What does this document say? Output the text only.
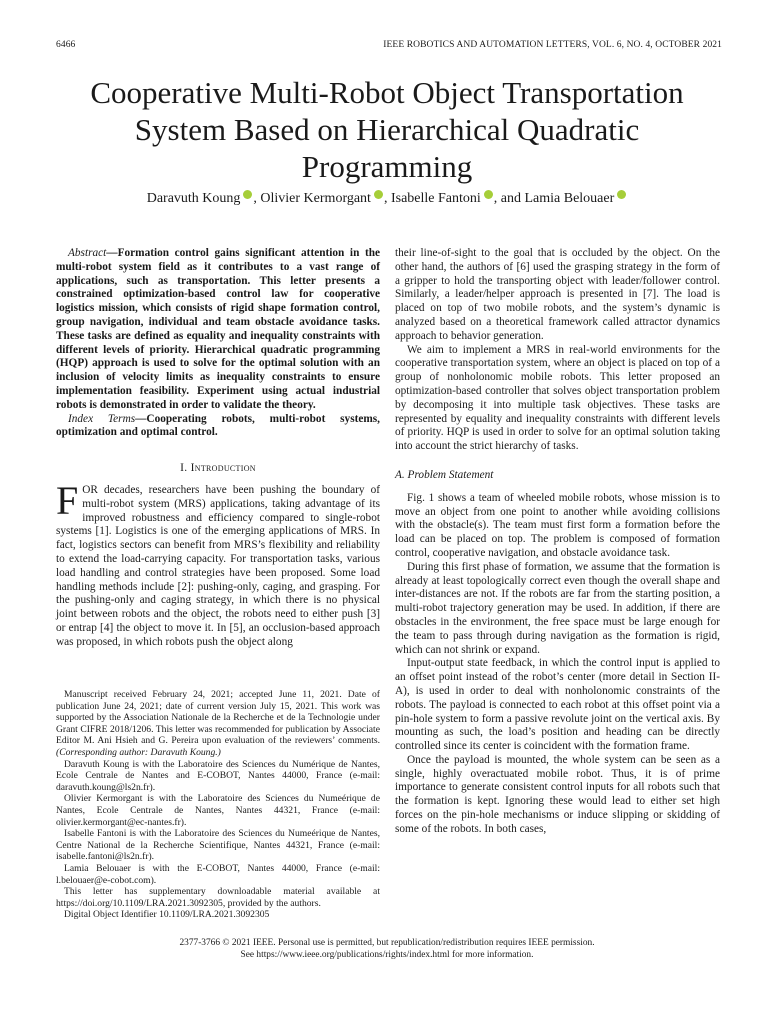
6466	IEEE ROBOTICS AND AUTOMATION LETTERS, VOL. 6, NO. 4, OCTOBER 2021
Cooperative Multi-Robot Object Transportation System Based on Hierarchical Quadratic Programming
Daravuth Koung , Olivier Kermorgant , Isabelle Fantoni , and Lamia Belouaer

Abstract—Formation control gains significant attention in the multi-robot system field as it contributes to a vast range of applications, such as transportation. This letter presents a constrained optimization-based control law for cooperative logistics mission, which consists of rigid shape formation control, group navigation, individual and team obstacle avoidance tasks. These tasks are defined as equality and inequality constraints with different levels of priority. Hierarchical quadratic programming (HQP) approach is used to solve for the optimal solution with an inclusion of velocity limits as inequality constraints to ensure implementation feasibility. Experiment using actual industrial robots is demonstrated in order to validate the theory.

Index Terms—Cooperating robots, multi-robot systems, optimization and optimal control.

I. Introduction

FOR decades, researchers have been pushing the boundary of multi-robot system (MRS) applications, taking advantage of its improved robustness and efficiency compared to single-robot systems [1]. Logistics is one of the emerging applications of MRS. In fact, logistics sectors can benefit from MRS’s flexibility and reliability to extend the load-carrying capacity. For transportation tasks, various load handling and control strategies have been proposed. Some load handling methods include [2]: pushing-only, caging, and grasping. For the pushing-only and caging strategy, in which there is no physical joint between robots and the object, the robots need to either push [3] or entrap [4] the object to move it. In [5], an occlusion-based approach was proposed, in which robots push the object along

Manuscript received February 24, 2021; accepted June 11, 2021. Date of publication June 24, 2021; date of current version July 15, 2021. This work was supported by the Association Nationale de la Recherche et de la Technologie under Grant CIFRE 2018/1206. This letter was recommended for publication by Associate Editor M. Ani Hsieh and G. Pereira upon evaluation of the reviewers’ comments. (Corresponding author: Daravuth Koung.)

Daravuth Koung is with the Laboratoire des Sciences du Numérique de Nantes, Ecole Centrale de Nantes and E-COBOT, Nantes 44000, France (e-mail: daravuth.koung@ls2n.fr).

Olivier Kermorgant is with the Laboratoire des Sciences du Numeérique de Nantes, Ecole Centrale de Nantes, Nantes 44321, France (e-mail: olivier.kermorgant@ec-nantes.fr).

Isabelle Fantoni is with the Laboratoire des Sciences du Numeérique de Nantes, Centre National de la Recherche Scientifique, Nantes 44321, France (e-mail: isabelle.fantoni@ls2n.fr).

Lamia Belouaer is with the E-COBOT, Nantes 44000, France (e-mail: l.belouaer@e-cobot.com).

This letter has supplementary downloadable material available at https://doi.org/10.1109/LRA.2021.3092305, provided by the authors.

Digital Object Identifier 10.1109/LRA.2021.3092305

their line-of-sight to the goal that is occluded by the object. On the other hand, the authors of [6] used the grasping strategy in the form of a gripper to hold the transporting object with leader/follower control. Similarly, a leader/helper approach is presented in [7]. The load is placed on top of two mobile robots, and the system’s dynamic is analyzed based on a theoretical framework called attractor dynamics approach to behavior generation.

We aim to implement a MRS in real-world environments for the cooperative transportation system, where an object is placed on top of a group of nonholonomic mobile robots. This letter proposed an optimization-based controller that solves object transportation problem by decomposing it into multiple task objectives. These tasks are represented by equality and inequality constraints with different levels of priority. HQP is used in order to solve for an optimal solution taking into account the strict hierarchy of tasks.

A. Problem Statement

Fig. 1 shows a team of wheeled mobile robots, whose mission is to move an object from one point to another while avoiding collisions with the obstacle(s). The team must first form a formation before the load can be placed on top. The problem is composed of formation control, cooperative navigation, and obstacle avoidance task.

During this first phase of formation, we assume that the formation is already at least topologically correct even though the overall shape and inter-distances are not. If the robots are far from the starting position, a multi-robot trajectory generation may be used. In addition, if there are obstacles in the environment, the free space must be large enough for the team to pass through during navigation as the formation is rigid, which can not shrink or expand.

Input-output state feedback, in which the control input is applied to an offset point instead of the robot’s center (more detail in Section II-A), is used in order to deal with nonholonomic constraints of the robots. The payload is connected to each robot at this offset point via a pin-hole system to form a passive revolute joint on the vertical axis. By mounting as such, the load’s position and heading can be directly controlled since its center is coincident with the formation frame.

Once the payload is mounted, the whole system can be seen as a single, highly overactuated mobile robot. Thus, it is of prime importance to generate consistent control inputs for all robots such that the formation is kept. Ignoring these would lead to either set high forces on the pin-hole mechanisms or induce slipping or skidding of some of the robots. In both cases,

2377-3766 © 2021 IEEE. Personal use is permitted, but republication/redistribution requires IEEE permission.
See https://www.ieee.org/publications/rights/index.html for more information.
